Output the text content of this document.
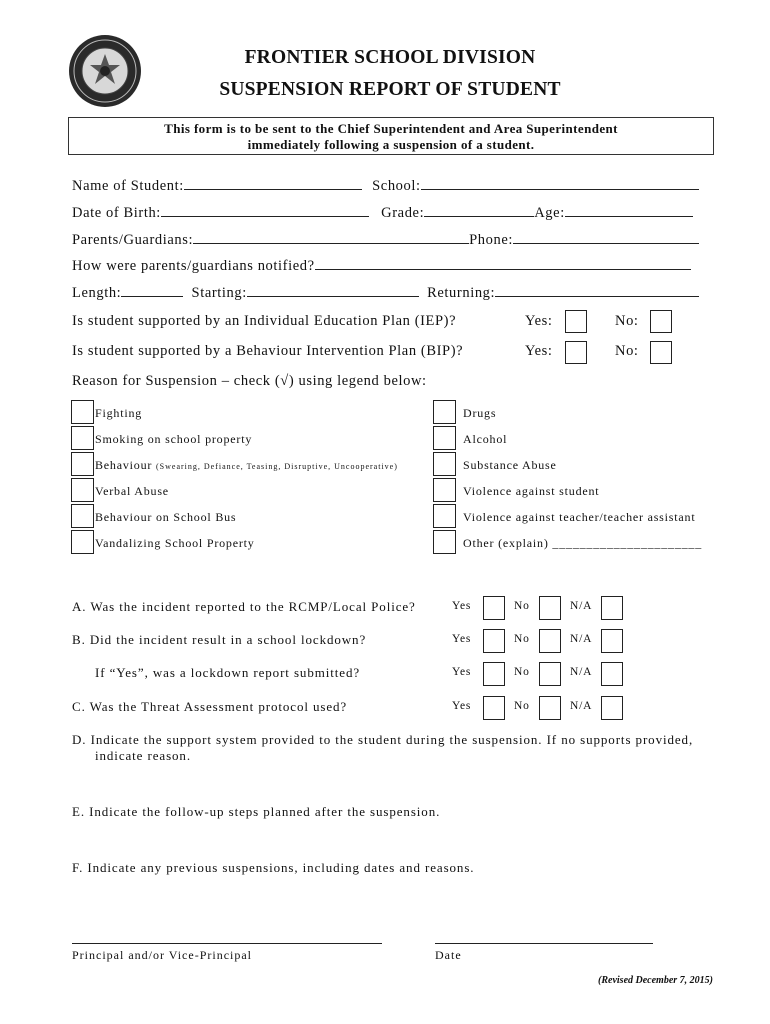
FRONTIER SCHOOL DIVISION
SUSPENSION REPORT OF STUDENT
This form is to be sent to the Chief Superintendent and Area Superintendent
immediately following a suspension of a student.
Name of Student:	School:
Date of Birth:	Grade:	Age:
Parents/Guardians:	Phone:
How were parents/guardians notified?
Length:	Starting:	Returning:
Is student supported by an Individual Education Plan (IEP)?	Yes:	No:
Is student supported by a Behaviour Intervention Plan (BIP)?	Yes:	No:
Reason for Suspension – check (√) using legend below:
Fighting
Smoking on school property
Behaviour (Swearing, Defiance, Teasing, Disruptive, Uncooperative)
Verbal Abuse
Behaviour on School Bus
Vandalizing School Property
Drugs
Alcohol
Substance Abuse
Violence against student
Violence against teacher/teacher assistant
Other (explain) ______________________
A. Was the incident reported to the RCMP/Local Police?	Yes	No	N/A
B. Did the incident result in a school lockdown?	Yes	No	N/A
If “Yes”, was a lockdown report submitted?	Yes	No	N/A
C. Was the Threat Assessment protocol used?	Yes	No	N/A
D. Indicate the support system provided to the student during the suspension. If no supports provided,
indicate reason.
E. Indicate the follow-up steps planned after the suspension.
F. Indicate any previous suspensions, including dates and reasons.
Principal and/or Vice-Principal	Date
(Revised December 7, 2015)
